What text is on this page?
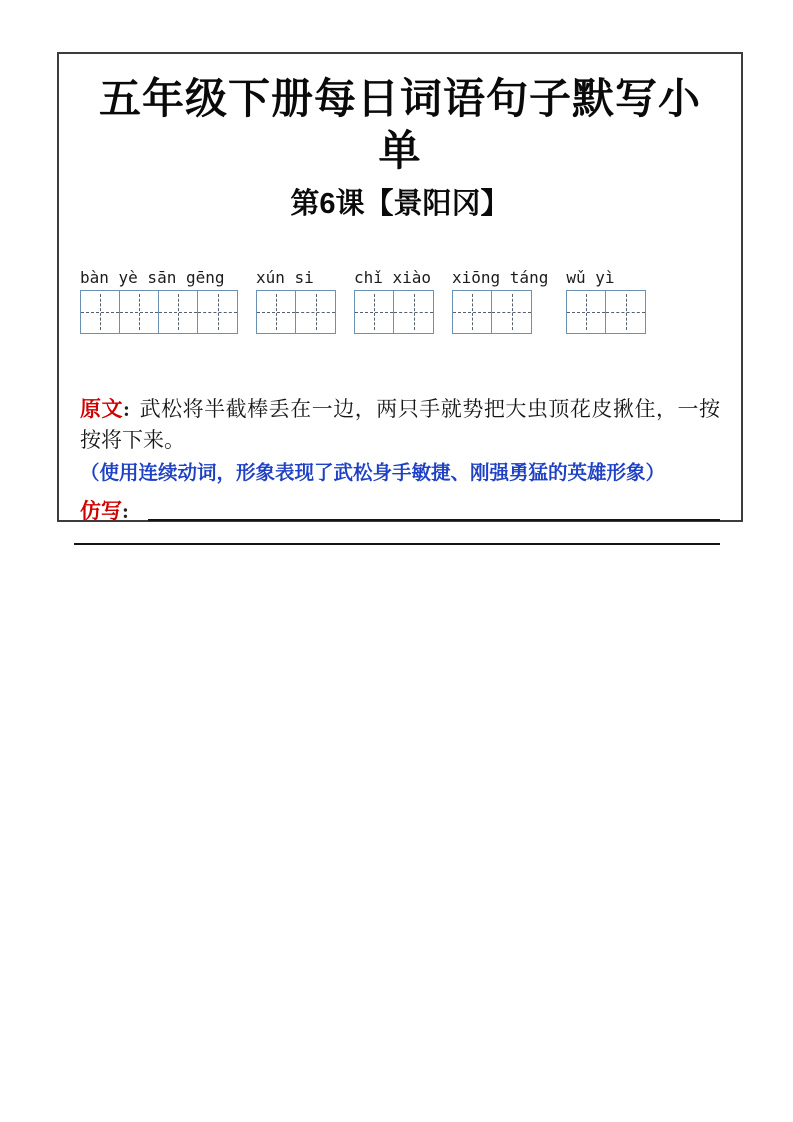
五年级下册每日词语句子默写小单
第6课【景阳冈】
bàn yè sān gēng	xún si	chǐ xiào xiōng táng wǔ yì
原文: 武松将半截棒丢在一边，两只手就势把大虫顶花皮揪住，一按按将下来。
（使用连续动词，形象表现了武松身手敏捷、刚强勇猛的英雄形象）
仿写 :
